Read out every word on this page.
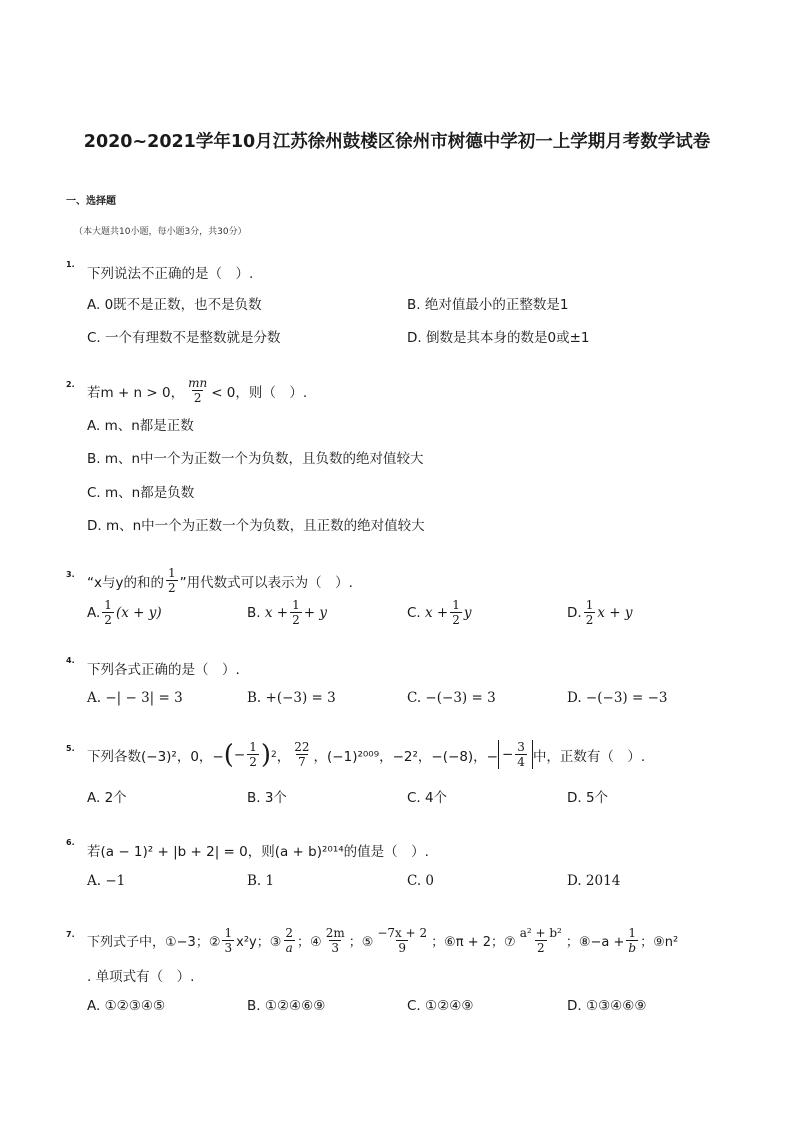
2020~2021学年10月江苏徐州鼓楼区徐州市树德中学初一上学期月考数学试卷
一、选择题
（本大题共10小题，每小题3分，共30分）
1.
下列说法不正确的是（　）.
A. 0既不是正数，也不是负数	B. 绝对值最小的正整数是1
C. 一个有理数不是整数就是分数	D. 倒数是其本身的数是0或±1
2. 若m + n > 0， $\frac{mn}{2} < 0$，则（　）.
A. m、n都是正数
B. m、n中一个为正数一个为负数，且负数的绝对值较大
C. m、n都是负数
D. m、n中一个为正数一个为负数，且正数的绝对值较大
3. “x与y的和的 $\frac{1}{2}$ ”用代数式可以表示为（　）.
A. $\frac{1}{2} (x + y)$	B.
$x + \frac{1}{2} + y$	C.
$x + \frac{1}{2}$ y	D. $\frac{1}{2}$ x + y
4.
下列各式正确的是（　）.
A. −| − 3| = 3	B. +(−3) = 3	C. −(−3) = 3	D. −(−3) = −3
5. 下列各数(−3)²，0，− ( − $\frac{1}{2}$ ) 2 ， $\frac{22}{7}$ ，(−1)²⁰⁰⁹，−2²，−(−8)，− − $\frac{3}{4}$ 中，正数有（　）.
A. 2个	B. 3个	C. 4个	D. 5个
6.
若(a − 1)² + |b + 2| = 0，则(a + b)²⁰¹⁴的值是（　）.
A. −1	B. 1	C. 0	D. 2014
7.
下列式子中，①−3；② $\frac{1}{3} x^2y$；③ $\frac{2}{a}$ ；④ $\frac{2m}{3}$ ；⑤ $\frac{-7x + 2}{9}$ ；⑥π + 2；⑦ $\frac{\text{a² + b²}}{2}$ ；⑧−a + $\frac{1}{b}$ ；⑨n²
. 单项式有（　）.
A. ①②③④⑤	B. ①②④⑥⑨	C. ①②④⑨	D. ①③④⑥⑨
